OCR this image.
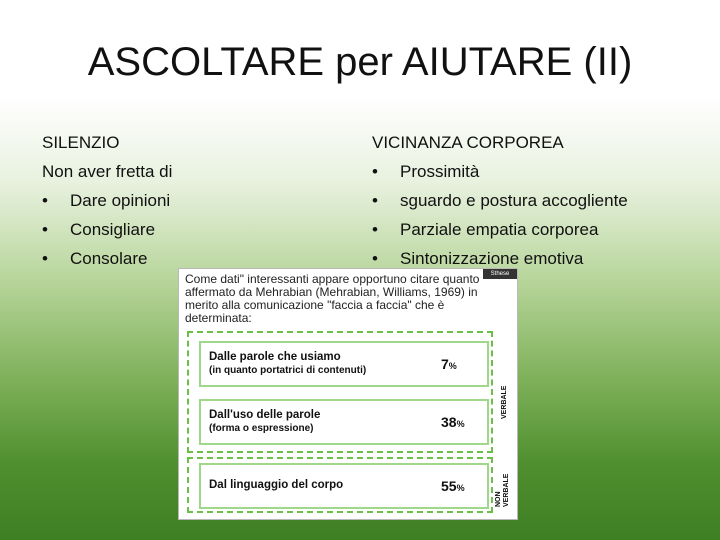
ASCOLTARE per AIUTARE (II)
SILENZIO
Non aver fretta di
•	Dare opinioni
•	Consigliare
•	Consolare
VICINANZA CORPOREA
•	Prossimità
•	sguardo e postura accogliente
•	Parziale empatia corporea
•	Sintonizzazione emotiva
Sthese
Come dati" interessanti appare opportuno citare quanto affermato da Mehrabian (Mehrabian, Williams, 1969) in merito alla comunicazione "faccia a faccia" che è determinata:
Dalle parole che usiamo
(in quanto portatrici di contenuti)	7%
Dall'uso delle parole
(forma o espressione)	38%
Dal linguaggio del corpo	55%
VERBALE
NON VERBALE
